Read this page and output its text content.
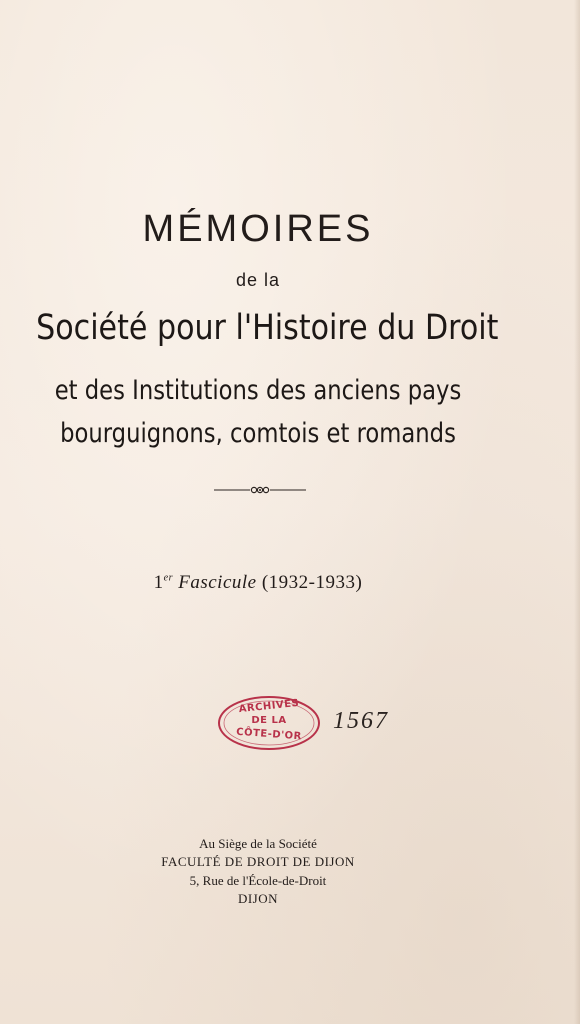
MÉMOIRES
de la
Société pour l'Histoire du Droit
et des Institutions des anciens pays
bourguignons, comtois et romands
1er Fascicule (1932-1933)
ARCHIVES
DE LA
CÔTE-D'OR
1567
Au Siège de la Société
FACULTÉ DE DROIT DE DIJON
5, Rue de l'École-de-Droit
DIJON
